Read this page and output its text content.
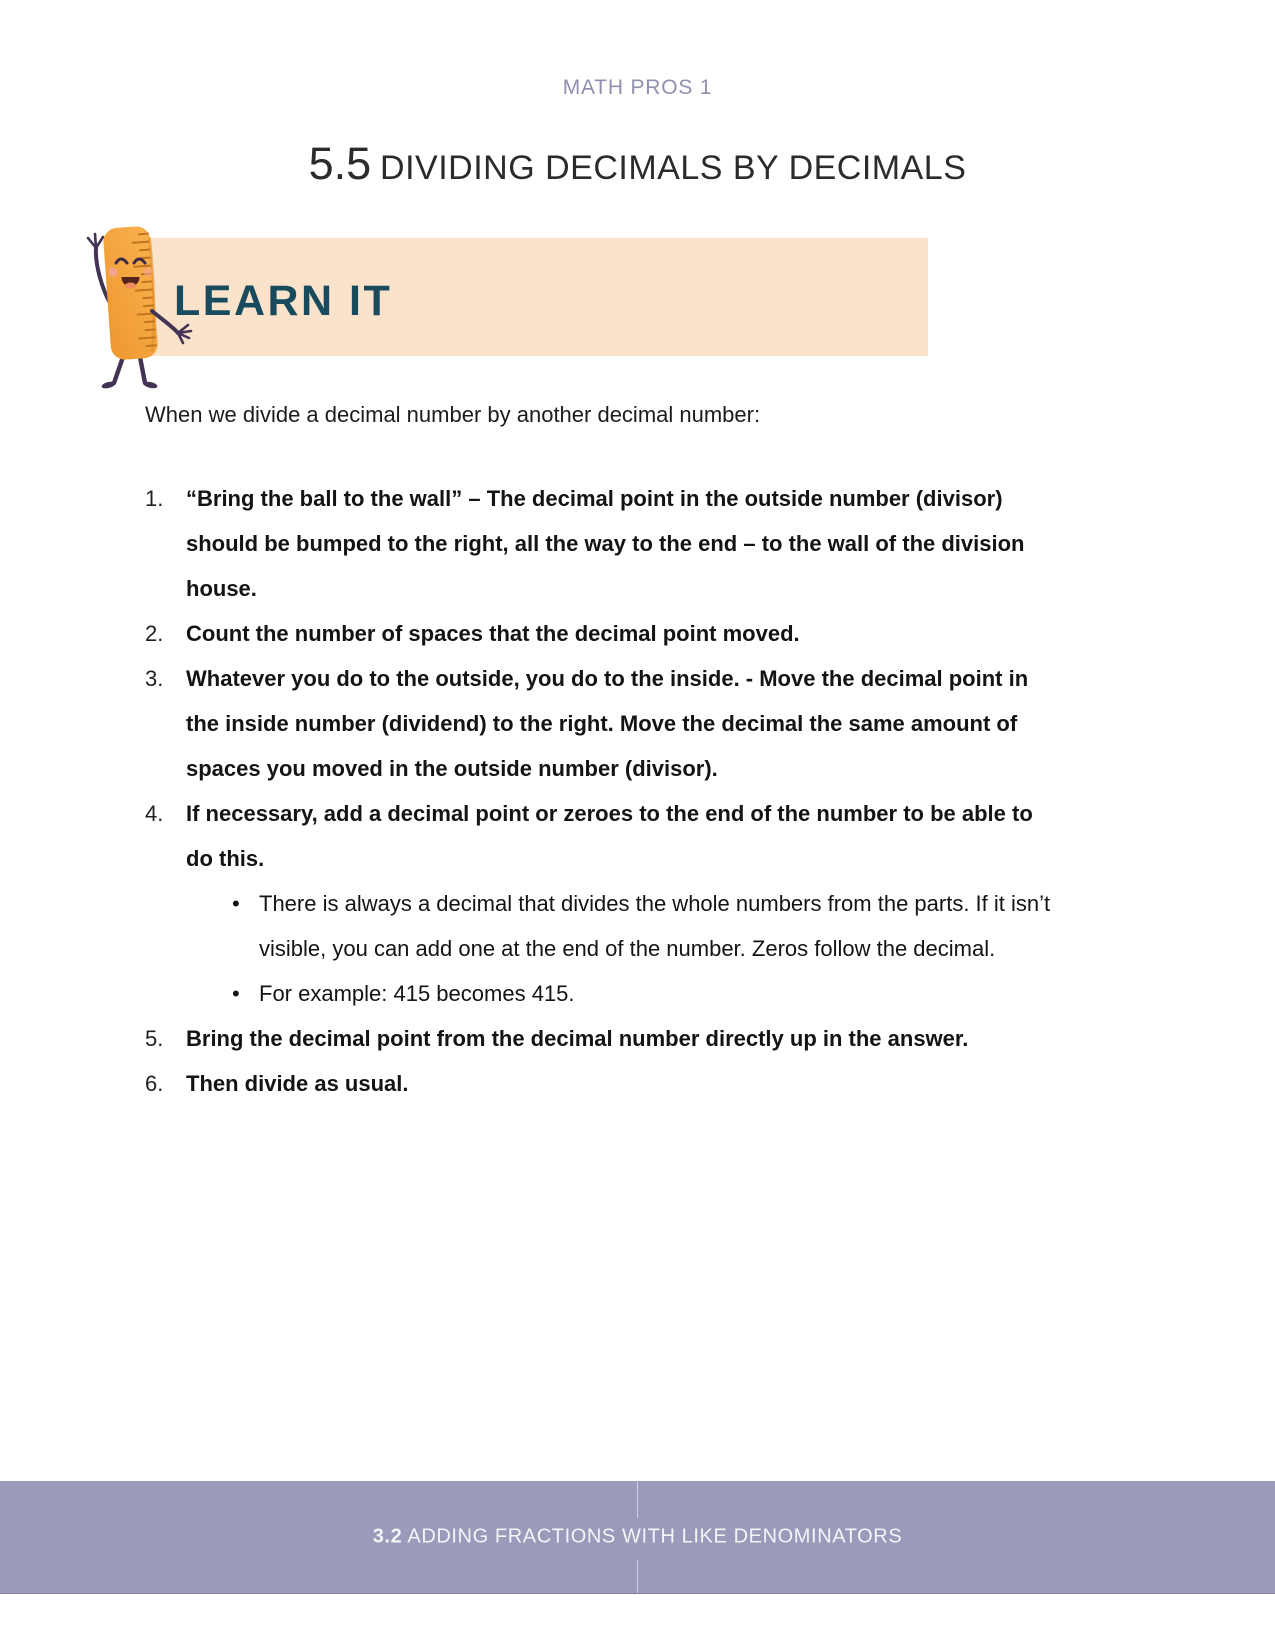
MATH PROS 1
5.5 DIVIDING DECIMALS BY DECIMALS
LEARN IT

When we divide a decimal number by another decimal number:

1.	“Bring the ball to the wall” – The decimal point in the outside number (divisor) should be bumped to the right, all the way to the end – to the wall of the division house.
2.	Count the number of spaces that the decimal point moved.
3.	Whatever you do to the outside, you do to the inside. - Move the decimal point in the inside number (dividend) to the right. Move the decimal the same amount of spaces you moved in the outside number (divisor).
4.	If necessary, add a decimal point or zeroes to the end of the number to be able to do this.
• There is always a decimal that divides the whole numbers from the parts. If it isn’t visible, you can add one at the end of the number. Zeros follow the decimal.
• For example: 415 becomes 415.
5.	Bring the decimal point from the decimal number directly up in the answer.
6.	Then divide as usual.
3.2 ADDING FRACTIONS WITH LIKE DENOMINATORS
